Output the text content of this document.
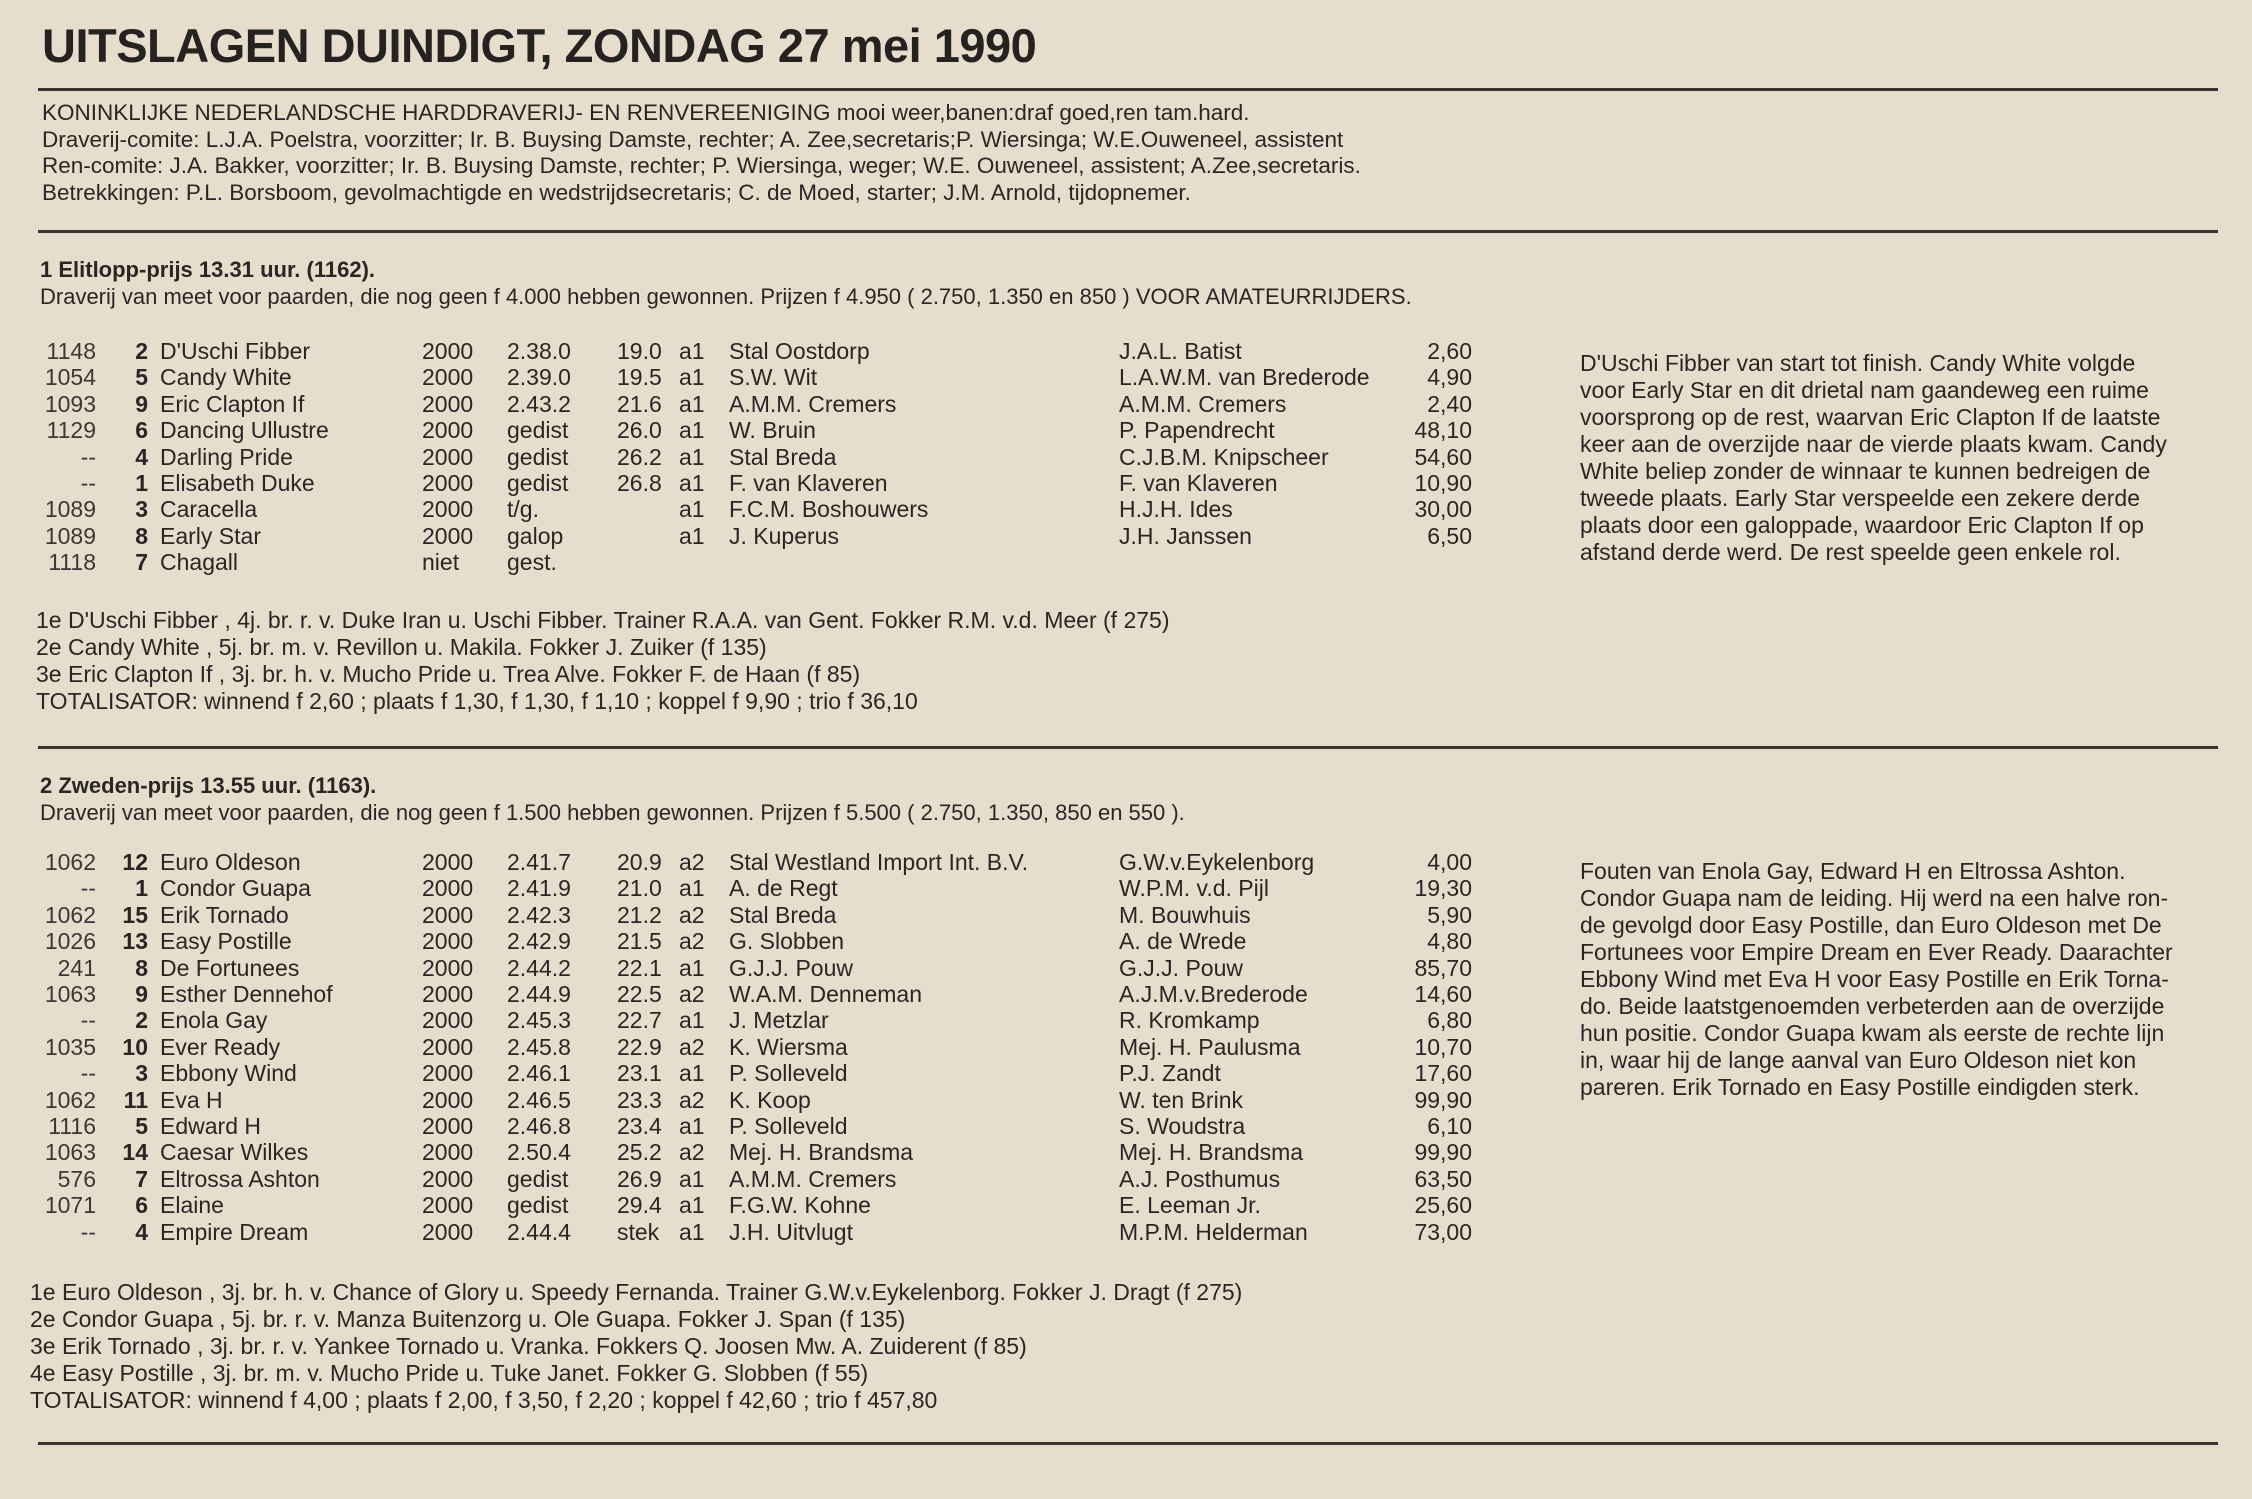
UITSLAGEN DUINDIGT, ZONDAG 27 mei 1990
KONINKLIJKE NEDERLANDSCHE HARDDRAVERIJ- EN RENVEREENIGING mooi weer,banen:draf goed,ren tam.hard.
Draverij-comite: L.J.A. Poelstra, voorzitter; Ir. B. Buysing Damste, rechter; A. Zee,secretaris;P. Wiersinga; W.E.Ouweneel, assistent
Ren-comite: J.A. Bakker, voorzitter; Ir. B. Buysing Damste, rechter; P. Wiersinga, weger; W.E. Ouweneel, assistent; A.Zee,secretaris.
Betrekkingen: P.L. Borsboom, gevolmachtigde en wedstrijdsecretaris; C. de Moed, starter; J.M. Arnold, tijdopnemer.
1 Elitlopp-prijs 13.31 uur. (1162).
Draverij van meet voor paarden, die nog geen f 4.000 hebben gewonnen. Prijzen f 4.950 ( 2.750, 1.350 en 850 ) VOOR AMATEURRIJDERS.
1148	2	D'Uschi Fibber	2000	2.38.0	19.0	a1	Stal Oostdorp	J.A.L. Batist	2,60
1054	5	Candy White	2000	2.39.0	19.5	a1	S.W. Wit	L.A.W.M. van Brederode	4,90
1093	9	Eric Clapton If	2000	2.43.2	21.6	a1	A.M.M. Cremers	A.M.M. Cremers	2,40
1129	6	Dancing Ullustre	2000	gedist	26.0	a1	W. Bruin	P. Papendrecht	48,10
--	4	Darling Pride	2000	gedist	26.2	a1	Stal Breda	C.J.B.M. Knipscheer	54,60
--	1	Elisabeth Duke	2000	gedist	26.8	a1	F. van Klaveren	F. van Klaveren	10,90
1089	3	Caracella	2000	t/g.		a1	F.C.M. Boshouwers	H.J.H. Ides	30,00
1089	8	Early Star	2000	galop		a1	J. Kuperus	J.H. Janssen	6,50
1118	7	Chagall	niet	gest.					
D'Uschi Fibber van start tot finish. Candy White volgde
voor Early Star en dit drietal nam gaandeweg een ruime
voorsprong op de rest, waarvan Eric Clapton If de laatste
keer aan de overzijde naar de vierde plaats kwam. Candy
White beliep zonder de winnaar te kunnen bedreigen de
tweede plaats. Early Star verspeelde een zekere derde
plaats door een galoppade, waardoor Eric Clapton If op
afstand derde werd. De rest speelde geen enkele rol.
1e D'Uschi Fibber , 4j. br. r. v. Duke Iran u. Uschi Fibber. Trainer R.A.A. van Gent. Fokker R.M. v.d. Meer (f 275)
2e Candy White , 5j. br. m. v. Revillon u. Makila. Fokker J. Zuiker (f 135)
3e Eric Clapton If , 3j. br. h. v. Mucho Pride u. Trea Alve. Fokker F. de Haan (f 85)
TOTALISATOR: winnend f 2,60 ; plaats f 1,30, f 1,30, f 1,10 ; koppel f 9,90 ; trio f 36,10
2 Zweden-prijs 13.55 uur. (1163).
Draverij van meet voor paarden, die nog geen f 1.500 hebben gewonnen. Prijzen f 5.500 ( 2.750, 1.350, 850 en 550 ).
1062	12	Euro Oldeson	2000	2.41.7	20.9	a2	Stal Westland Import Int. B.V.	G.W.v.Eykelenborg	4,00
--	1	Condor Guapa	2000	2.41.9	21.0	a1	A. de Regt	W.P.M. v.d. Pijl	19,30
1062	15	Erik Tornado	2000	2.42.3	21.2	a2	Stal Breda	M. Bouwhuis	5,90
1026	13	Easy Postille	2000	2.42.9	21.5	a2	G. Slobben	A. de Wrede	4,80
241	8	De Fortunees	2000	2.44.2	22.1	a1	G.J.J. Pouw	G.J.J. Pouw	85,70
1063	9	Esther Dennehof	2000	2.44.9	22.5	a2	W.A.M. Denneman	A.J.M.v.Brederode	14,60
--	2	Enola Gay	2000	2.45.3	22.7	a1	J. Metzlar	R. Kromkamp	6,80
1035	10	Ever Ready	2000	2.45.8	22.9	a2	K. Wiersma	Mej. H. Paulusma	10,70
--	3	Ebbony Wind	2000	2.46.1	23.1	a1	P. Solleveld	P.J. Zandt	17,60
1062	11	Eva H	2000	2.46.5	23.3	a2	K. Koop	W. ten Brink	99,90
1116	5	Edward H	2000	2.46.8	23.4	a1	P. Solleveld	S. Woudstra	6,10
1063	14	Caesar Wilkes	2000	2.50.4	25.2	a2	Mej. H. Brandsma	Mej. H. Brandsma	99,90
576	7	Eltrossa Ashton	2000	gedist	26.9	a1	A.M.M. Cremers	A.J. Posthumus	63,50
1071	6	Elaine	2000	gedist	29.4	a1	F.G.W. Kohne	E. Leeman Jr.	25,60
--	4	Empire Dream	2000	2.44.4	stek	a1	J.H. Uitvlugt	M.P.M. Helderman	73,00
Fouten van Enola Gay, Edward H en Eltrossa Ashton.
Condor Guapa nam de leiding. Hij werd na een halve ron-
de gevolgd door Easy Postille, dan Euro Oldeson met De
Fortunees voor Empire Dream en Ever Ready. Daarachter
Ebbony Wind met Eva H voor Easy Postille en Erik Torna-
do. Beide laatstgenoemden verbeterden aan de overzijde
hun positie. Condor Guapa kwam als eerste de rechte lijn
in, waar hij de lange aanval van Euro Oldeson niet kon
pareren. Erik Tornado en Easy Postille eindigden sterk.
1e Euro Oldeson , 3j. br. h. v. Chance of Glory u. Speedy Fernanda. Trainer G.W.v.Eykelenborg. Fokker J. Dragt (f 275)
2e Condor Guapa , 5j. br. r. v. Manza Buitenzorg u. Ole Guapa. Fokker J. Span (f 135)
3e Erik Tornado , 3j. br. r. v. Yankee Tornado u. Vranka. Fokkers Q. Joosen Mw. A. Zuiderent (f 85)
4e Easy Postille , 3j. br. m. v. Mucho Pride u. Tuke Janet. Fokker G. Slobben (f 55)
TOTALISATOR: winnend f 4,00 ; plaats f 2,00, f 3,50, f 2,20 ; koppel f 42,60 ; trio f 457,80
